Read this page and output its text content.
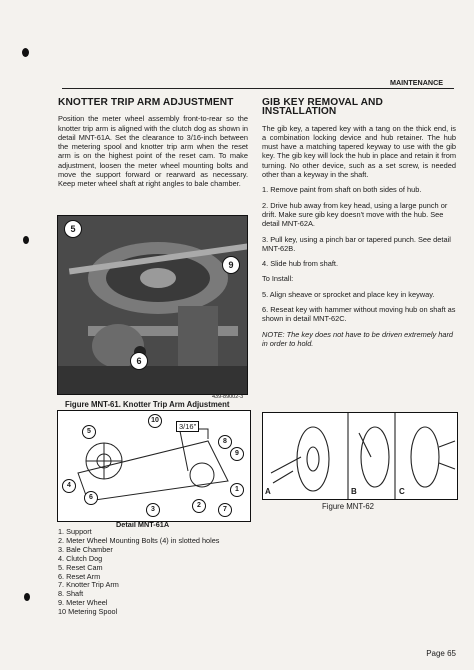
MAINTENANCE
KNOTTER TRIP ARM ADJUSTMENT

Position the meter wheel assembly front-to-rear so the knotter trip arm is aligned with the clutch dog as shown in detail MNT-61A. Set the clearance to 3/16-inch between the metering spool and knotter trip arm when the reset arm is on the highest point of the reset cam. To make adjustment, loosen the meter wheel mounting bolts and move the support forward or rearward as necessary. Keep meter wheel shaft at right angles to bale chamber.

5
9
6
439-89002-3
Figure MNT-61. Knotter Trip Arm Adjustment
3/16"
10
5
8
9
4
6
1
3
2
7
Detail MNT-61A
1. Support
2. Meter Wheel Mounting Bolts (4) in slotted holes
3. Bale Chamber
4. Clutch Dog
5. Reset Cam
6. Reset Arm
7. Knotter Trip Arm
8. Shaft
9. Meter Wheel
10 Metering Spool
GIB KEY REMOVAL AND INSTALLATION

The gib key, a tapered key with a tang on the thick end, is a combination locking device and hub retainer. The hub must have a matching tapered keyway to use with the gib key. The gib key will lock the hub in place and retain it from turning. No other device, such as a set screw, is needed other than a keyway in the shaft.

1. Remove paint from shaft on both sides of hub.

2. Drive hub away from key head, using a large punch or drift. Make sure gib key doesn't move with the hub. See detail MNT-62A.

3. Pull key, using a pinch bar or tapered punch. See detail MNT-62B.

4. Slide hub from shaft.

To Install:

5. Align sheave or sprocket and place key in keyway.

6. Reseat key with hammer without moving hub on shaft as shown in detail MNT-62C.

NOTE: The key does not have to be driven extremely hard in order to hold.

A	B	C
Figure MNT-62
Page 65
